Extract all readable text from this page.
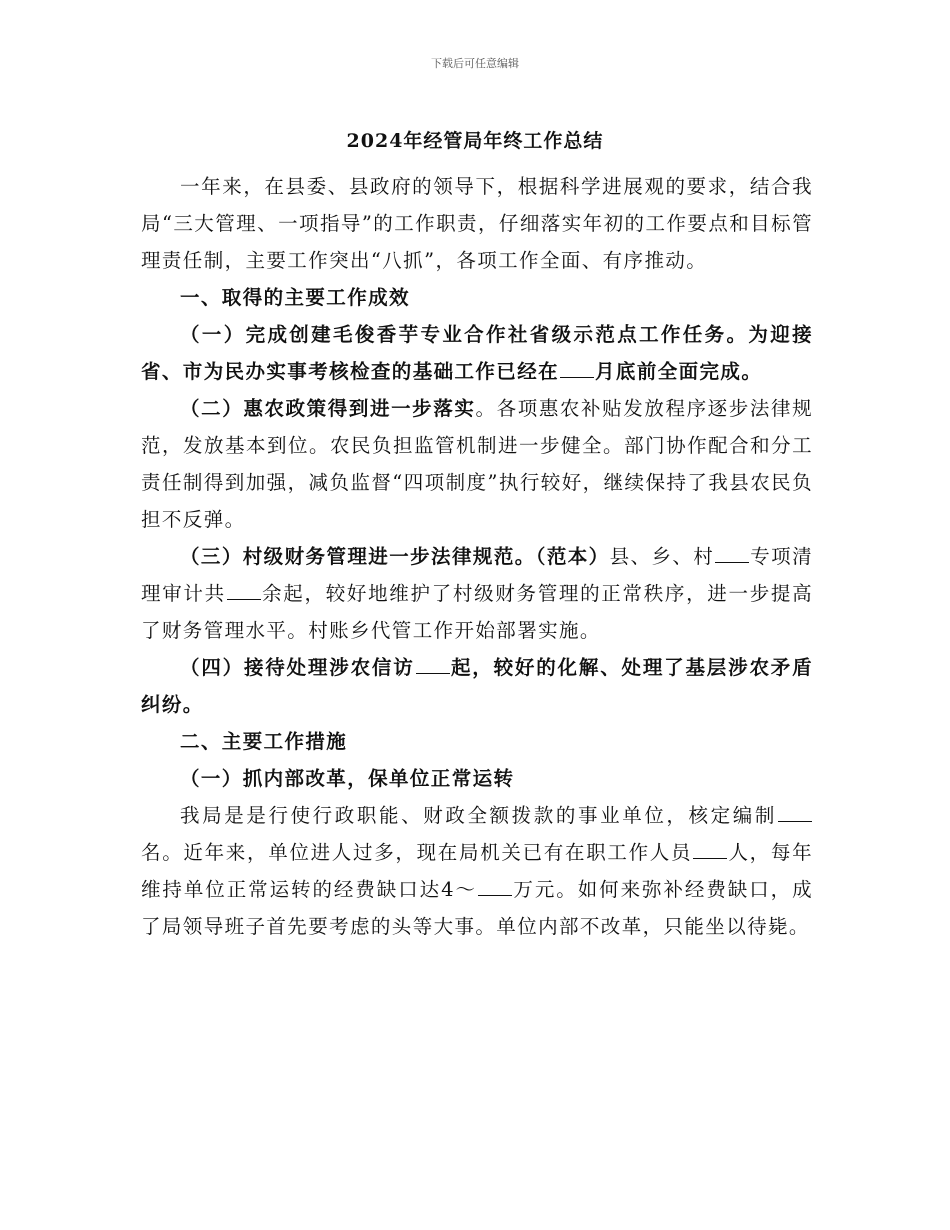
下载后可任意编辑
2024年经管局年终工作总结

一年来，在县委、县政府的领导下，根据科学进展观的要求，结合我局“三大管理、一项指导”的工作职责，仔细落实年初的工作要点和目标管理责任制，主要工作突出“八抓”，各项工作全面、有序推动。

一、取得的主要工作成效

（一）完成创建毛俊香芋专业合作社省级示范点工作任务。为迎接省、市为民办实事考核检查的基础工作已经在 月底前全面完成。

（二）惠农政策得到进一步落实。各项惠农补贴发放程序逐步法律规范，发放基本到位。农民负担监管机制进一步健全。部门协作配合和分工责任制得到加强，减负监督“四项制度”执行较好，继续保持了我县农民负担不反弹。

（三）村级财务管理进一步法律规范。（范本）县、乡、村 专项清理审计共 余起，较好地维护了村级财务管理的正常秩序，进一步提高了财务管理水平。村账乡代管工作开始部署实施。

（四）接待处理涉农信访 起，较好的化解、处理了基层涉农矛盾纠纷。

二、主要工作措施

（一）抓内部改革，保单位正常运转

我局是是行使行政职能、财政全额拨款的事业单位，核定编制名。近年来，单位进人过多，现在局机关已有在职工作人员 人，每年维持单位正常运转的经费缺口达4～ 万元。如何来弥补经费缺口，成了局领导班子首先要考虑的头等大事。单位内部不改革，只能坐以待毙。
